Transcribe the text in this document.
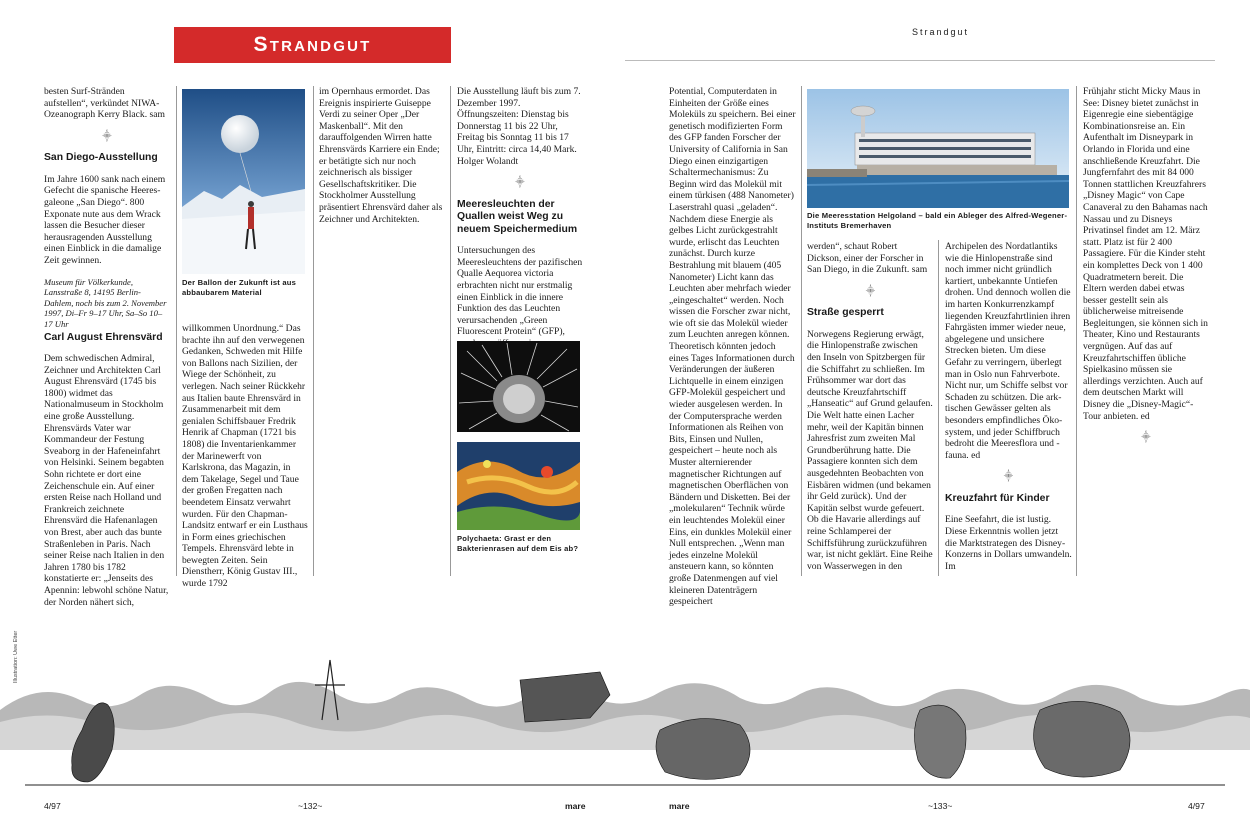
Strandgut

besten Surf-Stränden aufstellen“, verkündet NIWA-Ozeanograph Kerry Black. sam

⸎
San Diego-Ausstellung

Im Jahre 1600 sank nach einem Gefecht die spanische Heeresgaleone „San Diego“. 800 Exponate nute aus dem Wrack lassen die Besucher dieser herausragenden Ausstellung einen Einblick in die damalige Zeit gewinnen.

Museum für Völkerkunde, Lansstraße 8, 14195 Berlin-Dahlem, noch bis zum 2. November 1997, Di–Fr 9–17 Uhr, Sa–So 10–17 Uhr

Carl August Ehrensvärd

Dem schwedischen Admiral, Zeichner und Architekten Carl August Ehrensvärd (1745 bis 1800) widmet das Nationalmuseum in Stockholm eine große Ausstellung. Ehrensvärds Vater war Kommandeur der Festung Sveaborg in der Hafeneinfahrt von Helsinki. Seinem begabten Sohn richtete er dort eine Zeichenschule ein. Auf einer ersten Reise nach Holland und Frankreich zeichnete Ehrensvärd die Hafenanlagen von Brest, aber auch das bunte Straßenleben in Paris. Nach seiner Reise nach Italien in den Jahren 1780 bis 1782 konstatierte er: „Jenseits des Apennin: lebwohl schöne Natur, der Norden nähert sich,

Der Ballon der Zukunft ist aus abbaubarem Material

willkommen Unordnung.“ Das brachte ihn auf den verwegenen Gedanken, Schweden mit Hilfe von Ballons nach Sizilien, der Wiege der Schönheit, zu verlegen. Nach seiner Rückkehr aus Italien baute Ehrensvärd in Zusammenarbeit mit dem genialen Schiffsbauer Fredrik Henrik af Chapman (1721 bis 1808) die Inventarienkammer der Marinewerft von Karlskrona, das Magazin, in dem Takelage, Segel und Taue der großen Fregatten nach beendetem Einsatz verwahrt wurden. Für den Chapman-Landsitz entwarf er ein Lusthaus in Form eines griechischen Tempels. Ehrensvärd lebte in bewegten Zeiten. Sein Dienstherr, König Gustav III., wurde 1792

im Opernhaus ermordet. Das Ereignis inspirierte Guiseppe Verdi zu seiner Oper „Der Maskenball“. Mit den darauffolgenden Wirren hatte Ehrensvärds Karriere ein Ende; er betätigte sich nur noch zeichnerisch als bissiger Gesellschaftskritiker. Die Stockholmer Ausstellung präsentiert Ehrensvärd daher als Zeichner und Architekten.

Die Ausstellung läuft bis zum 7. Dezember 1997. Öffnungszeiten: Dienstag bis Donnerstag 11 bis 22 Uhr, Freitag bis Sonntag 11 bis 17 Uhr, Eintritt: circa 14,40 Mark. Holger Wolandt

⸎
Meeresleuchten der Quallen weist Weg zu neuem Speichermedium

Untersuchungen des Meeresleuchtens der pazifischen Qualle Aequorea victoria erbrachten nicht nur erstmalig einen Einblick in die innere Funktion des das Leuchten verursachenden „Green Fluorescent Protein“ (GFP),

Polychaeta: Grast er den Bakterienrasen auf dem Eis ab?
Strandgut

Potential, Computerdaten in Einheiten der Größe eines Moleküls zu speichern. Bei einer genetisch modifizierten Form des GFP fanden Forscher der University of California in San Diego einen einzigartigen Schaltermechanismus: Zu Beginn wird das Molekül mit einem türkisen (488 Nanometer) Laserstrahl quasi „geladen“. Nachdem diese Energie als gelbes Licht zurückgestrahlt wurde, erlischt das Leuchten zunächst. Durch kurze Bestrahlung mit blauem (405 Nanometer) Licht kann das Leuchten aber mehrfach wieder „eingeschaltet“ werden. Noch wissen die Forscher zwar nicht, wie oft sie das Molekül wieder zum Leuchten anregen können. Theoretisch könnten jedoch eines Tages Informationen durch Veränderungen der äußeren Lichtquelle in einem einzigen GFP-Molekül gespeichert und wieder ausgelesen werden. In der Computersprache werden Informationen als Reihen von Bits, Einsen und Nullen, gespeichert – heute noch als Muster alternierender magnetischer Richtungen auf magnetischen Oberflächen von Bändern und Disketten. Bei der „molekularen“ Technik würde ein leuchtendes Molekül einer Eins, ein dunkles Molekül einer Null entsprechen. „Wenn man jedes einzelne Molekül ansteuern kann, so könnten große Datenmengen auf viel kleineren Datenträgern gespeichert

Die Meeresstation Helgoland – bald ein Ableger des Alfred-Wegener-Instituts Bremerhaven

werden“, schaut Robert Dickson, einer der Forscher in San Diego, in die Zukunft. sam

⸎
Straße gesperrt

Norwegens Regierung erwägt, die Hinlopenstraße zwischen den Inseln von Spitzbergen für die Schiffahrt zu schließen. Im Frühsommer war dort das deutsche Kreuzfahrtschiff „Hanseatic“ auf Grund gelaufen. Die Welt hatte einen Lacher mehr, weil der Kapitän binnen Jahresfrist zum zweiten Mal Grundberührung hatte. Die Passagiere konnten sich dem ausgedehnten Beobachten von Eisbären widmen (und bekamen ihr Geld zurück). Und der Kapitän selbst wurde gefeuert. Ob die Havarie allerdings auf reine Schlamperei der Schiffsführung zurückzuführen war, ist nicht geklärt. Eine Reihe von Wasserwegen in den

Archipelen des Nordatlantiks wie die Hinlopenstraße sind noch immer nicht gründlich kartiert, unbekannte Untiefen drohen. Und dennoch wollen die im harten Konkurrenzkampf liegenden Kreuzfahrtlinien ihren Fahrgästen immer wieder neue, abgelegene und unsichere Strecken bieten. Um diese Gefahr zu verringern, überlegt man in Oslo nun Fahrverbote. Nicht nur, um Schiffe selbst vor Schaden zu schützen. Die arktischen Gewässer gelten als besonders empfindliches Öko-system, und jeder Schiffbruch bedroht die Meeresflora und -fauna. ed

⸎
Kreuzfahrt für Kinder

Eine Seefahrt, die ist lustig. Diese Erkenntnis wollen jetzt die Marktstrategen des Disney-Konzerns in Dollars umwandeln. Im

Frühjahr sticht Micky Maus in See: Disney bietet zunächst in Eigenregie eine siebentägige Kombinationsreise an. Ein Aufenthalt im Disneypark in Orlando in Florida und eine anschließende Kreuzfahrt. Die Jungfernfahrt des mit 84 000 Tonnen stattlichen Kreuzfahrers „Disney Magic“ von Cape Canaveral zu den Bahamas nach Nassau und zu Disneys Privatinsel findet am 12. März statt. Platz ist für 2 400 Passagiere. Für die Kinder steht ein komplettes Deck von 1 400 Quadratmetern bereit. Die Eltern werden dabei etwas besser gestellt sein als üblicherweise mitreisende Begleitungen, sie können sich in Theater, Kino und Restaurants vergnügen. Auf das auf Kreuzfahrtschiffen übliche Spielkasino müssen sie allerdings verzichten. Auch auf dem deutschen Markt will Disney die „Disney-Magic“-Tour anbieten. ed

⸎
Illustration: Uwe Etter
4/97	~132~	mare	mare	~133~	4/97
